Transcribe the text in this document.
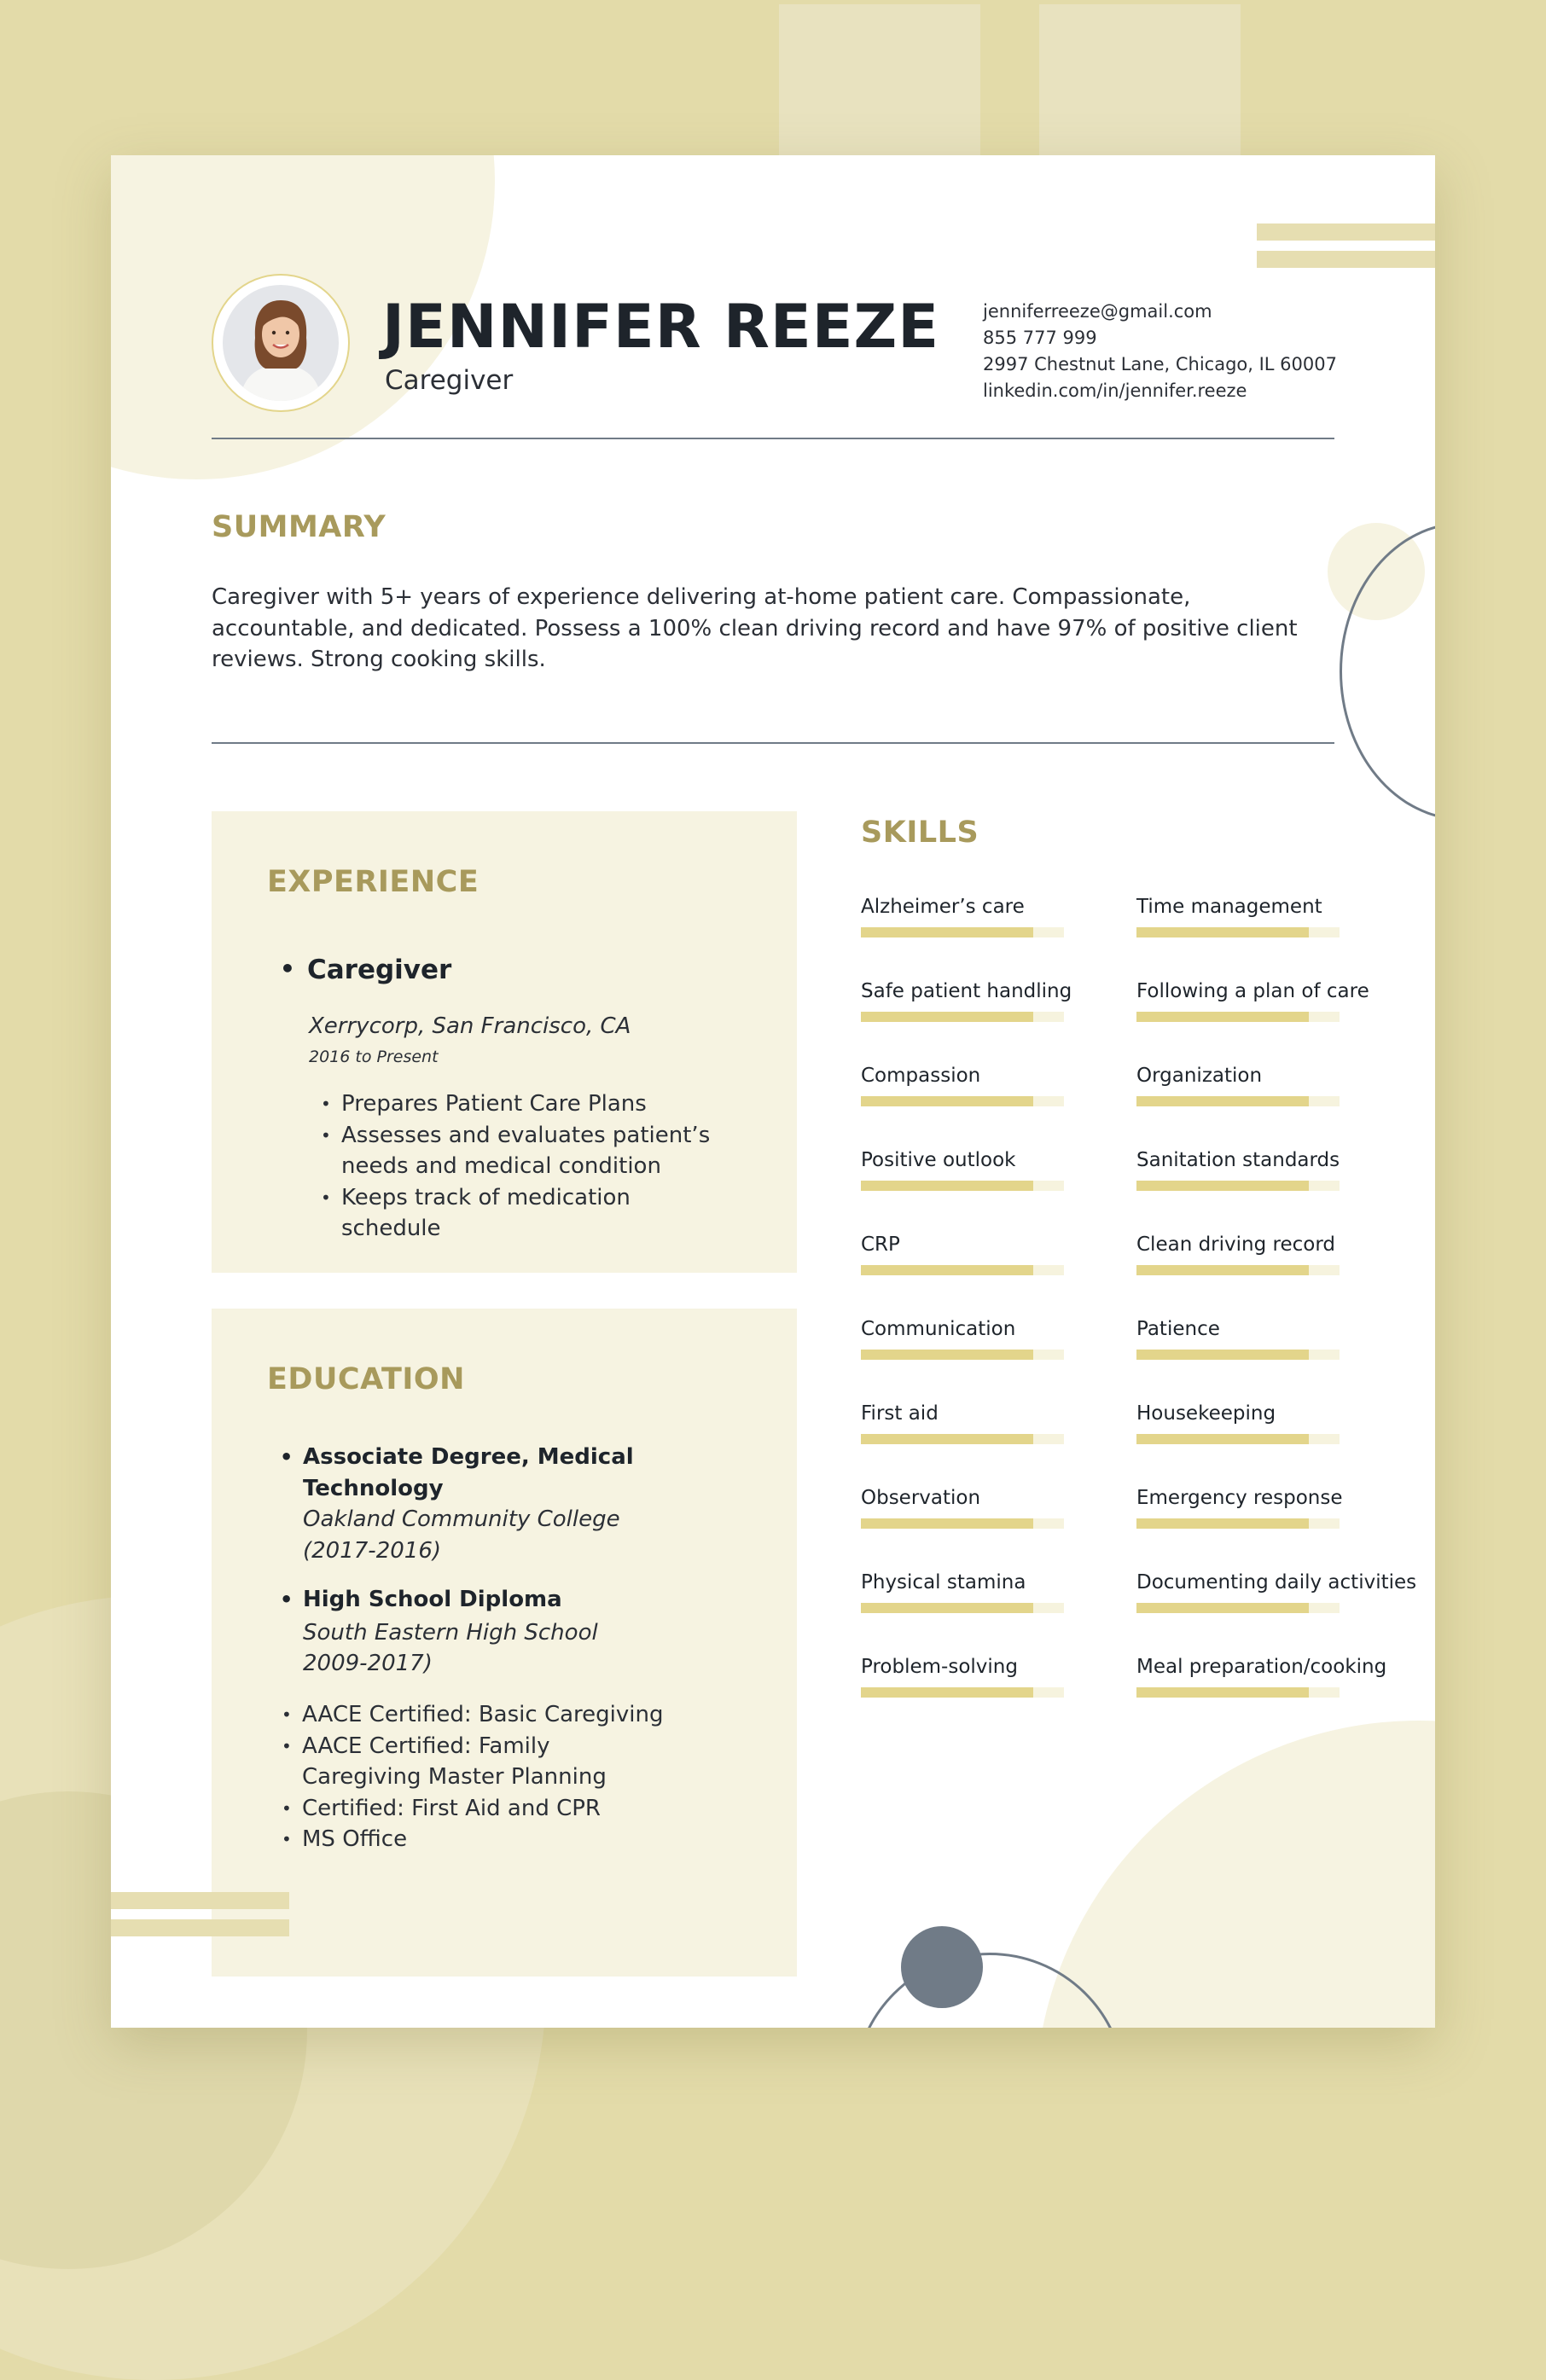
JENNIFER REEZE
Caregiver
jenniferreeze@gmail.com
855 777 999
2997 Chestnut Lane, Chicago, IL 60007
linkedin.com/in/jennifer.reeze
SUMMARY

Caregiver with 5+ years of experience delivering at-home patient care. Compassionate,
accountable, and dedicated. Possess a 100% clean driving record and have 97% of positive client
reviews. Strong cooking skills.

EXPERIENCE
• Caregiver
Xerrycorp, San Francisco, CA
2016 to Present
• Prepares Patient Care Plans
• Assesses and evaluates patient’s needs and medical condition
• Keeps track of medication schedule
EDUCATION
• Associate Degree, Medical
Technology
Oakland Community College
(2017-2016)
• High School Diploma
South Eastern High School
2009-2017)
• AACE Certified: Basic Caregiving
• AACE Certified: Family Caregiving Master Planning
• Certified: First Aid and CPR
• MS Office
SKILLS
Alzheimer’s care
Safe patient handling
Compassion
Positive outlook
CRP
Communication
First aid
Observation
Physical stamina
Problem-solving
Time management
Following a plan of care
Organization
Sanitation standards
Clean driving record
Patience
Housekeeping
Emergency response
Documenting daily activities
Meal preparation/cooking
